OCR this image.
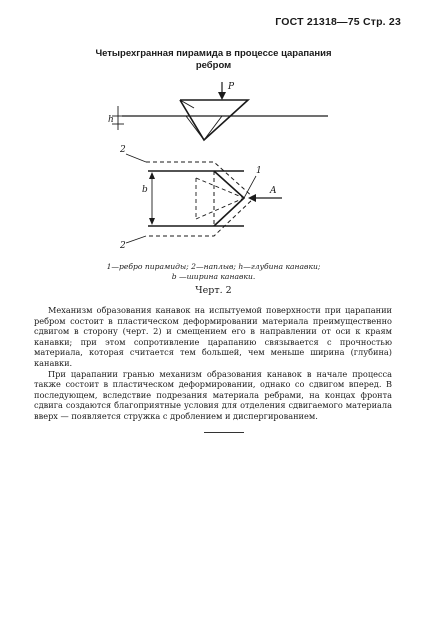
ГОСТ 21318—75 Стр. 23
Четырехгранная пирамида в процессе царапания
ребром
P
h
2
2
1
A
b
1—ребро пирамиды; 2—наплыв; h—глубина канавки;
b —ширина канавки.
Черт. 2

Механизм образования канавок на испытуемой поверхности при царапании ребром состоит в пластическом деформировании материала преимущественно сдвигом в сторону (черт. 2) и смещением его в направлении от оси к краям канавки; при этом сопротивление царапанию связывается с прочностью материала, которая считается тем большей, чем меньше ширина (глубина) канавки.

При царапании гранью механизм образования канавок в начале процесса также состоит в пластическом деформировании, однако со сдвигом вперед. В последующем, вследствие подрезания материала ребрами, на концах фронта сдвига создаются благоприятные условия для отделения сдвигаемого материала вверх — появляется стружка с дроблением и диспергированием.
